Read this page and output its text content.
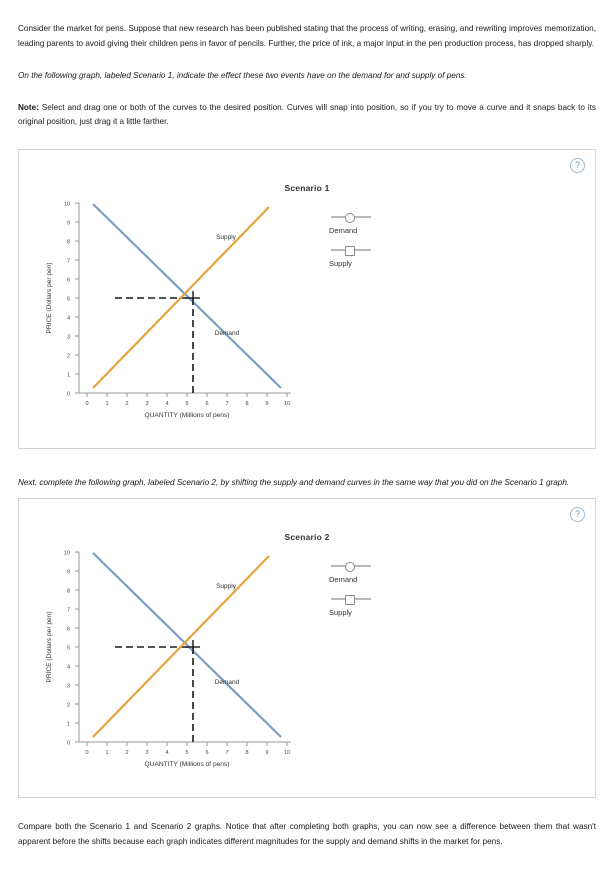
Consider the market for pens. Suppose that new research has been published stating that the process of writing, erasing, and rewriting improves memorization, leading parents to avoid giving their children pens in favor of pencils. Further, the price of ink, a major input in the pen production process, has dropped sharply.

On the following graph, labeled Scenario 1, indicate the effect these two events have on the demand for and supply of pens.

Note: Select and drag one or both of the curves to the desired position. Curves will snap into position, so if you try to move a curve and it snaps back to its original position, just drag it a little farther.

?
Scenario 1
0
1
2
3
4
5
6
7
8
9
10
0	1	2	3	4	5	6	7	8	9	10
Supply
Demand
QUANTITY (Millions of pens)
PRICE (Dollars per pen)
Demand
Supply

Next, complete the following graph, labeled Scenario 2, by shifting the supply and demand curves in the same way that you did on the Scenario 1 graph.

?
Scenario 2
0
1
2
3
4
5
6
7
8
9
10
0	1	2	3	4	5	6	7	8	9	10
Supply
Demand
QUANTITY (Millions of pens)
PRICE (Dollars per pen)
Demand
Supply

Compare both the Scenario 1 and Scenario 2 graphs. Notice that after completing both graphs, you can now see a difference between them that wasn't apparent before the shifts because each graph indicates different magnitudes for the supply and demand shifts in the market for pens.
